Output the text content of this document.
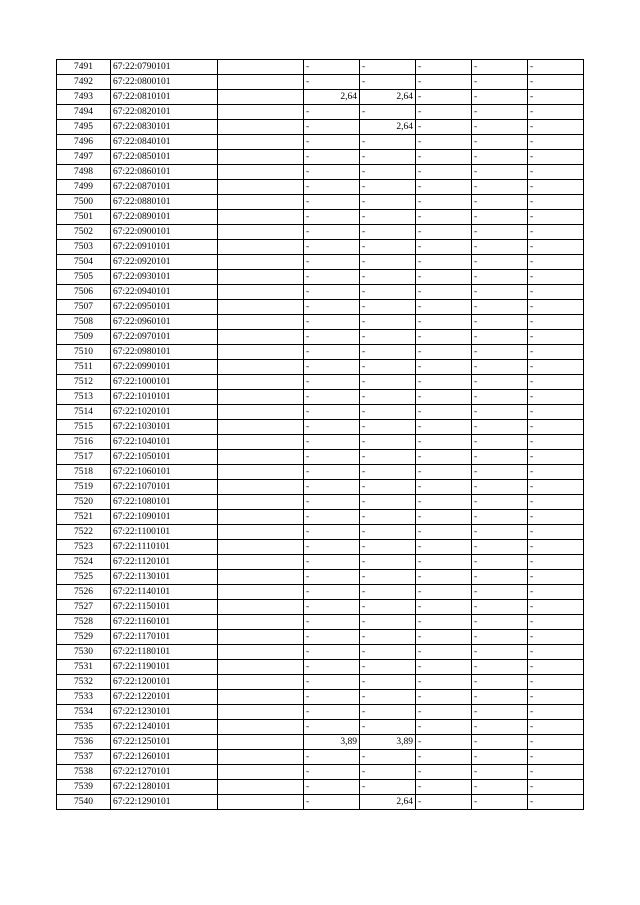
7491	67:22:0790101		-	-	-	-	-
7492	67:22:0800101		-	-	-	-	-
7493	67:22:0810101		2,64	2,64	-	-	-
7494	67:22:0820101		-	-	-	-	-
7495	67:22:0830101		-	2,64	-	-	-
7496	67:22:0840101		-	-	-	-	-
7497	67:22:0850101		-	-	-	-	-
7498	67:22:0860101		-	-	-	-	-
7499	67:22:0870101		-	-	-	-	-
7500	67:22:0880101		-	-	-	-	-
7501	67:22:0890101		-	-	-	-	-
7502	67:22:0900101		-	-	-	-	-
7503	67:22:0910101		-	-	-	-	-
7504	67:22:0920101		-	-	-	-	-
7505	67:22:0930101		-	-	-	-	-
7506	67:22:0940101		-	-	-	-	-
7507	67:22:0950101		-	-	-	-	-
7508	67:22:0960101		-	-	-	-	-
7509	67:22:0970101		-	-	-	-	-
7510	67:22:0980101		-	-	-	-	-
7511	67:22:0990101		-	-	-	-	-
7512	67:22:1000101		-	-	-	-	-
7513	67:22:1010101		-	-	-	-	-
7514	67:22:1020101		-	-	-	-	-
7515	67:22:1030101		-	-	-	-	-
7516	67:22:1040101		-	-	-	-	-
7517	67:22:1050101		-	-	-	-	-
7518	67:22:1060101		-	-	-	-	-
7519	67:22:1070101		-	-	-	-	-
7520	67:22:1080101		-	-	-	-	-
7521	67:22:1090101		-	-	-	-	-
7522	67:22:1100101		-	-	-	-	-
7523	67:22:1110101		-	-	-	-	-
7524	67:22:1120101		-	-	-	-	-
7525	67:22:1130101		-	-	-	-	-
7526	67:22:1140101		-	-	-	-	-
7527	67:22:1150101		-	-	-	-	-
7528	67:22:1160101		-	-	-	-	-
7529	67:22:1170101		-	-	-	-	-
7530	67:22:1180101		-	-	-	-	-
7531	67:22:1190101		-	-	-	-	-
7532	67:22:1200101		-	-	-	-	-
7533	67:22:1220101		-	-	-	-	-
7534	67:22:1230101		-	-	-	-	-
7535	67:22:1240101		-	-	-	-	-
7536	67:22:1250101		3,89	3,89	-	-	-
7537	67:22:1260101		-	-	-	-	-
7538	67:22:1270101		-	-	-	-	-
7539	67:22:1280101		-	-	-	-	-
7540	67:22:1290101		-	2,64	-	-	-
